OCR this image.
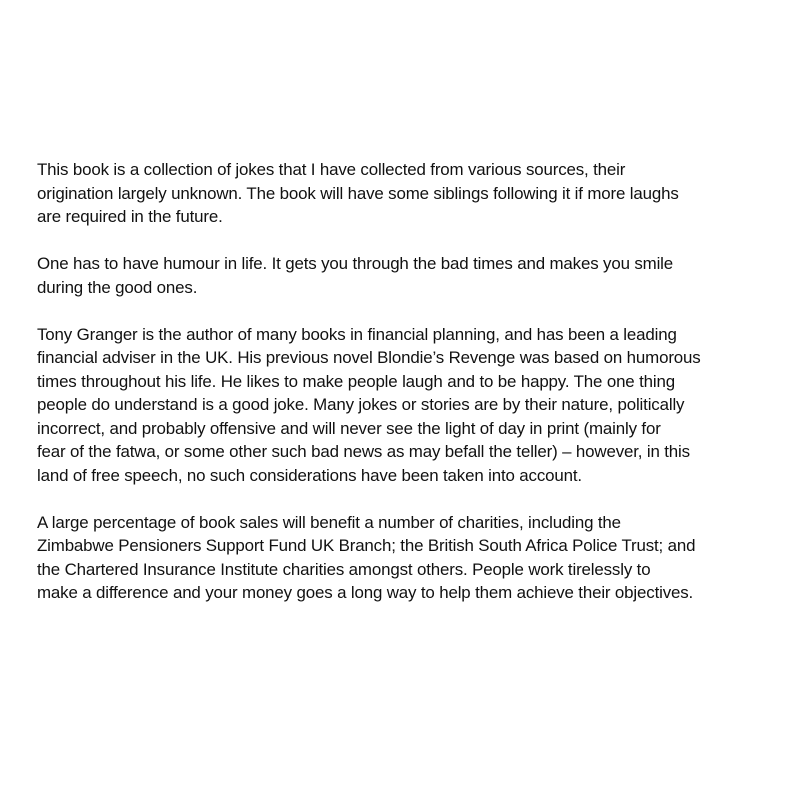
This book is a collection of jokes that I have collected from various sources, their
origination largely unknown. The book will have some siblings following it if more laughs
are required in the future.

One has to have humour in life. It gets you through the bad times and makes you smile
during the good ones.

Tony Granger is the author of many books in financial planning, and has been a leading
financial adviser in the UK. His previous novel Blondie’s Revenge was based on humorous
times throughout his life. He likes to make people laugh and to be happy. The one thing
people do understand is a good joke. Many jokes or stories are by their nature, politically
incorrect, and probably offensive and will never see the light of day in print (mainly for
fear of the fatwa, or some other such bad news as may befall the teller) – however, in this
land of free speech, no such considerations have been taken into account.

A large percentage of book sales will benefit a number of charities, including the
Zimbabwe Pensioners Support Fund UK Branch; the British South Africa Police Trust; and
the Chartered Insurance Institute charities amongst others. People work tirelessly to
make a difference and your money goes a long way to help them achieve their objectives.
